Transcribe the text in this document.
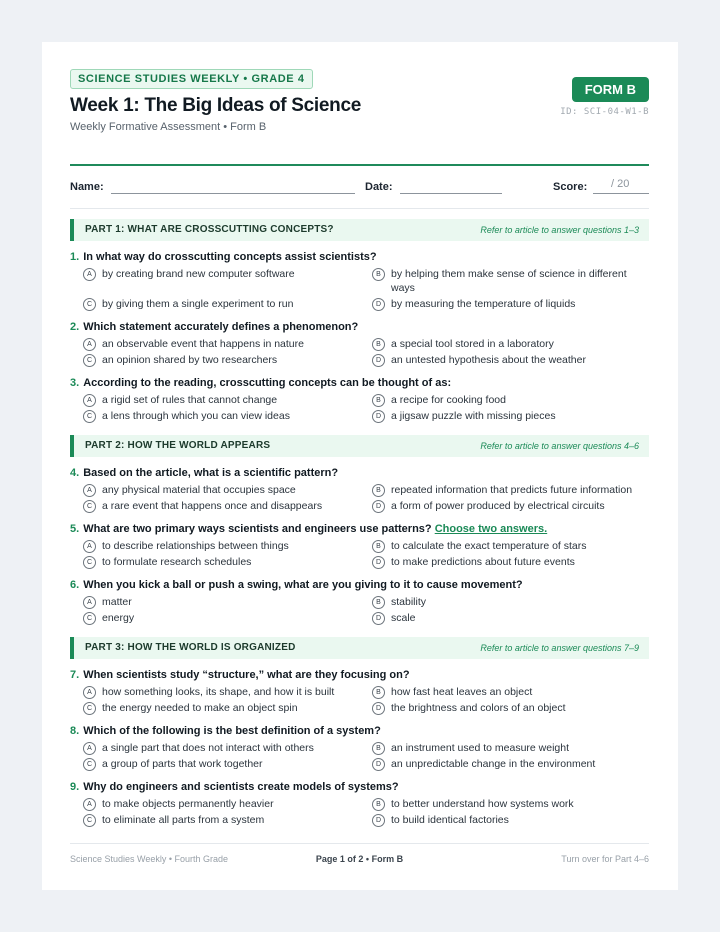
SCIENCE STUDIES WEEKLY • GRADE 4
Week 1: The Big Ideas of Science
Weekly Formative Assessment • Form B
FORM B
ID: SCI-04-W1-B
Name:	Date:	Score: / 20
PART 1: WHAT ARE CROSSCUTTING CONCEPTS?	Refer to article to answer questions 1–3
1. In what way do crosscutting concepts assist scientists?
A by creating brand new computer software	B by helping them make sense of science in different ways
C by giving them a single experiment to run	D by measuring the temperature of liquids
2. Which statement accurately defines a phenomenon?
A an observable event that happens in nature	B a special tool stored in a laboratory
C an opinion shared by two researchers	D an untested hypothesis about the weather
3. According to the reading, crosscutting concepts can be thought of as:
A a rigid set of rules that cannot change	B a recipe for cooking food
C a lens through which you can view ideas	D a jigsaw puzzle with missing pieces
PART 2: HOW THE WORLD APPEARS	Refer to article to answer questions 4–6
4. Based on the article, what is a scientific pattern?
A any physical material that occupies space	B repeated information that predicts future information
C a rare event that happens once and disappears	D a form of power produced by electrical circuits
5. What are two primary ways scientists and engineers use patterns? Choose two answers.
A to describe relationships between things	B to calculate the exact temperature of stars
C to formulate research schedules	D to make predictions about future events
6. When you kick a ball or push a swing, what are you giving to it to cause movement?
A matter	B stability
C energy	D scale
PART 3: HOW THE WORLD IS ORGANIZED	Refer to article to answer questions 7–9
7. When scientists study “structure,” what are they focusing on?
A how something looks, its shape, and how it is built	B how fast heat leaves an object
C the energy needed to make an object spin	D the brightness and colors of an object
8. Which of the following is the best definition of a system?
A a single part that does not interact with others	B an instrument used to measure weight
C a group of parts that work together	D an unpredictable change in the environment
9. Why do engineers and scientists create models of systems?
A to make objects permanently heavier	B to better understand how systems work
C to eliminate all parts from a system	D to build identical factories
Science Studies Weekly • Fourth Grade	Page 1 of 2 • Form B	Turn over for Part 4–6
